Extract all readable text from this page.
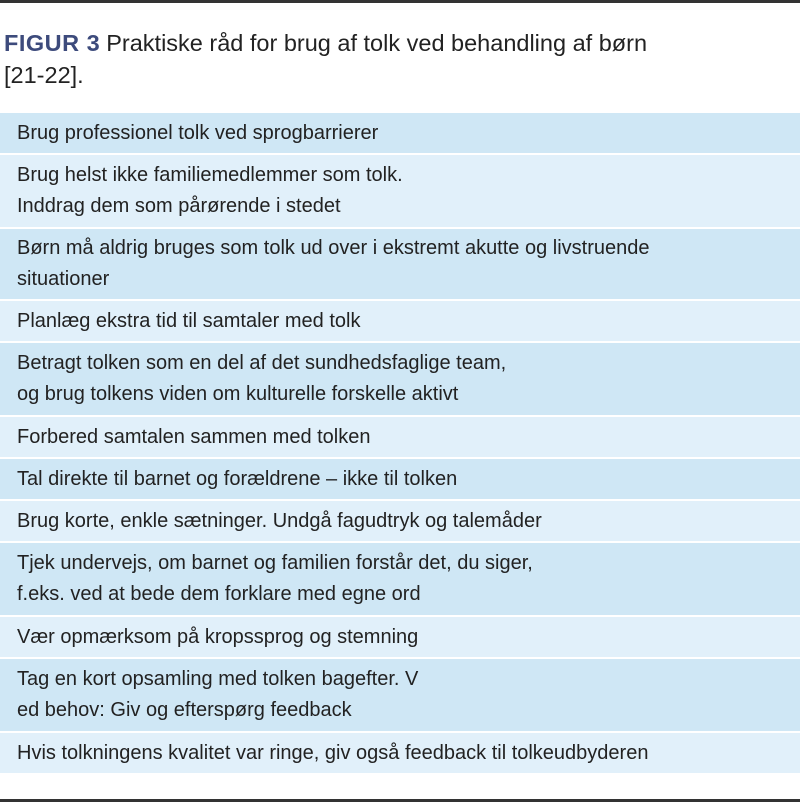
FIGUR 3 Praktiske råd for brug af tolk ved behandling af børn
[21-22].
Brug professionel tolk ved sprogbarrierer
Brug helst ikke familiemedlemmer som tolk.
Inddrag dem som pårørende i stedet
Børn må aldrig bruges som tolk ud over i ekstremt akutte og livstruende
situationer
Planlæg ekstra tid til samtaler med tolk
Betragt tolken som en del af det sundhedsfaglige team,
og brug tolkens viden om kulturelle forskelle aktivt
Forbered samtalen sammen med tolken
Tal direkte til barnet og forældrene – ikke til tolken
Brug korte, enkle sætninger. Undgå fagudtryk og talemåder
Tjek undervejs, om barnet og familien forstår det, du siger,
f.eks. ved at bede dem forklare med egne ord
Vær opmærksom på kropssprog og stemning
Tag en kort opsamling med tolken bagefter. V
ed behov: Giv og efterspørg feedback
Hvis tolkningens kvalitet var ringe, giv også feedback til tolkeudbyderen
